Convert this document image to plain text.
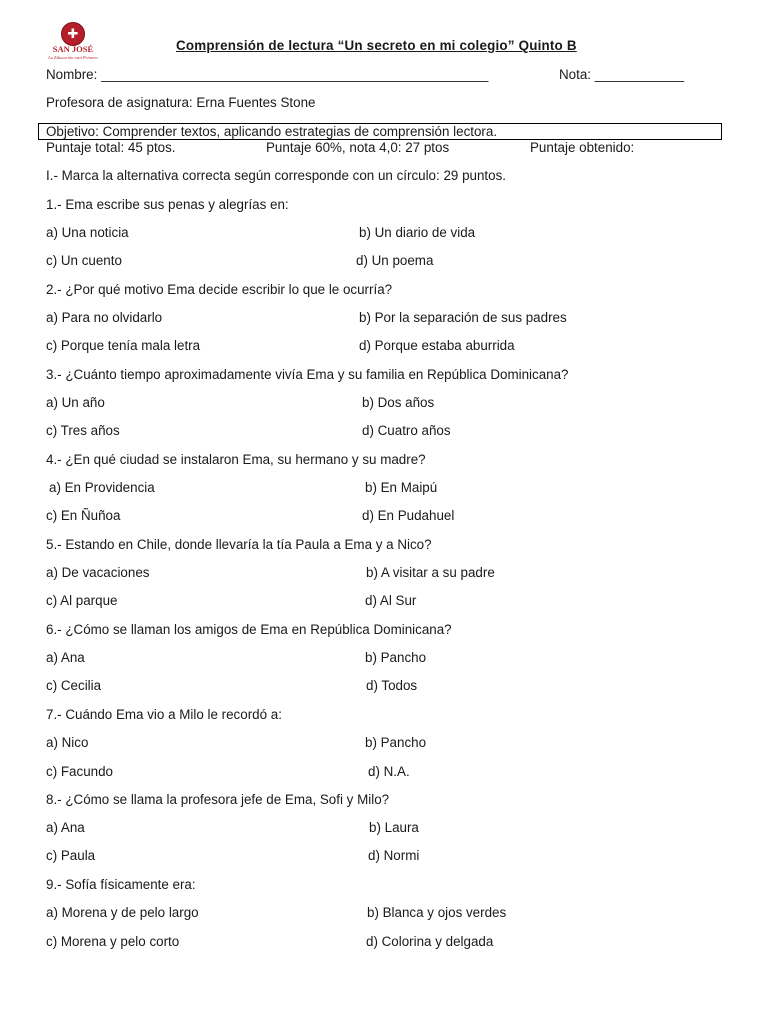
✚
SAN JOSÉ
La Educación está Primero
Comprensión de lectura “Un secreto en mi colegio” Quinto B
Nombre: ____________________________________________________	Nota: ____________
Profesora de asignatura: Erna Fuentes Stone
Objetivo: Comprender textos, aplicando estrategias de comprensión lectora.
Puntaje total: 45 ptos.	Puntaje 60%, nota 4,0: 27 ptos	Puntaje obtenido:
I.- Marca la alternativa correcta según corresponde con un círculo: 29 puntos.
1.- Ema escribe sus penas y alegrías en:
a) Una noticia	b) Un diario de vida
c) Un cuento	d) Un poema
2.- ¿Por qué motivo Ema decide escribir lo que le ocurría?
a) Para no olvidarlo	b) Por la separación de sus padres
c) Porque tenía mala letra	d) Porque estaba aburrida
3.- ¿Cuánto tiempo aproximadamente vivía Ema y su familia en República Dominicana?
a) Un año	b) Dos años
c) Tres años	d) Cuatro años
4.- ¿En qué ciudad se instalaron Ema, su hermano y su madre?
a) En Providencia	b) En Maipú
c) En Ñuñoa	d) En Pudahuel
5.- Estando en Chile, donde llevaría la tía Paula a Ema y a Nico?
a) De vacaciones	b) A visitar a su padre
c) Al parque	d) Al Sur
6.- ¿Cómo se llaman los amigos de Ema en República Dominicana?
a) Ana	b) Pancho
c) Cecilia	d) Todos
7.- Cuándo Ema vio a Milo le recordó a:
a) Nico	b) Pancho
c) Facundo	d) N.A.
8.- ¿Cómo se llama la profesora jefe de Ema, Sofi y Milo?
a) Ana	b) Laura
c) Paula	d) Normi
9.- Sofía físicamente era:
a) Morena y de pelo largo	b) Blanca y ojos verdes
c) Morena y pelo corto	d) Colorina y delgada
